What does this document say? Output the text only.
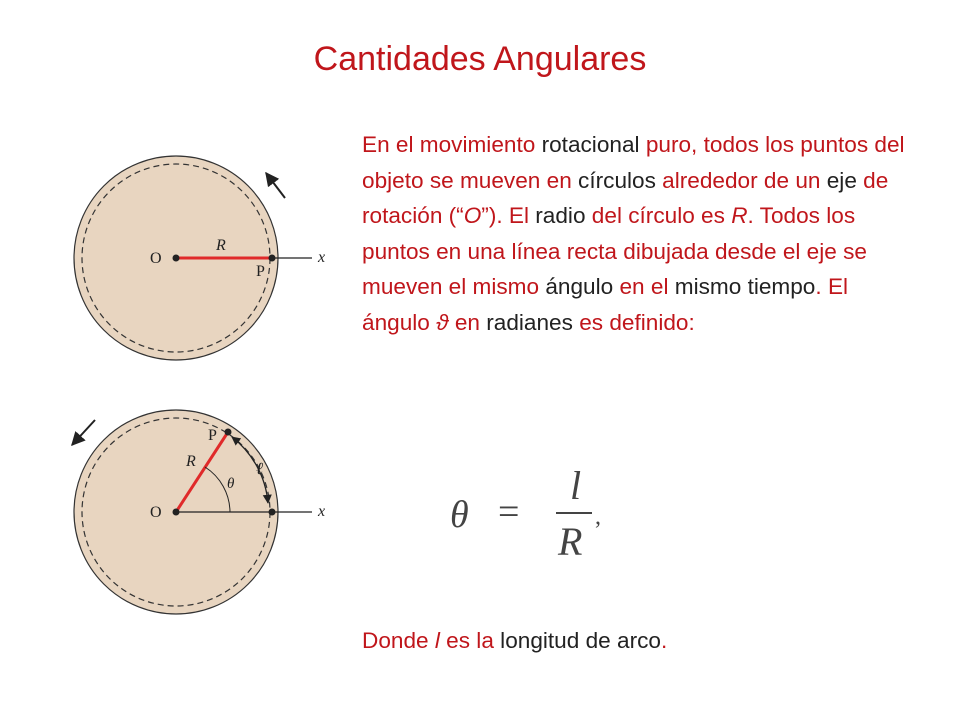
Cantidades Angulares
O
R
P
x
O
R
P
θ
ℓ
x
En el movimiento rotacional puro, todos los puntos del objeto se mueven en círculos alrededor de un eje de rotación (“O”). El radio del círculo es R. Todos los puntos en una línea recta dibujada desde el eje se mueven el mismo ángulo en el mismo tiempo. El ángulo ϑ en radianes es definido:
θ =
l
R
,
Donde l es la longitud de arco.
